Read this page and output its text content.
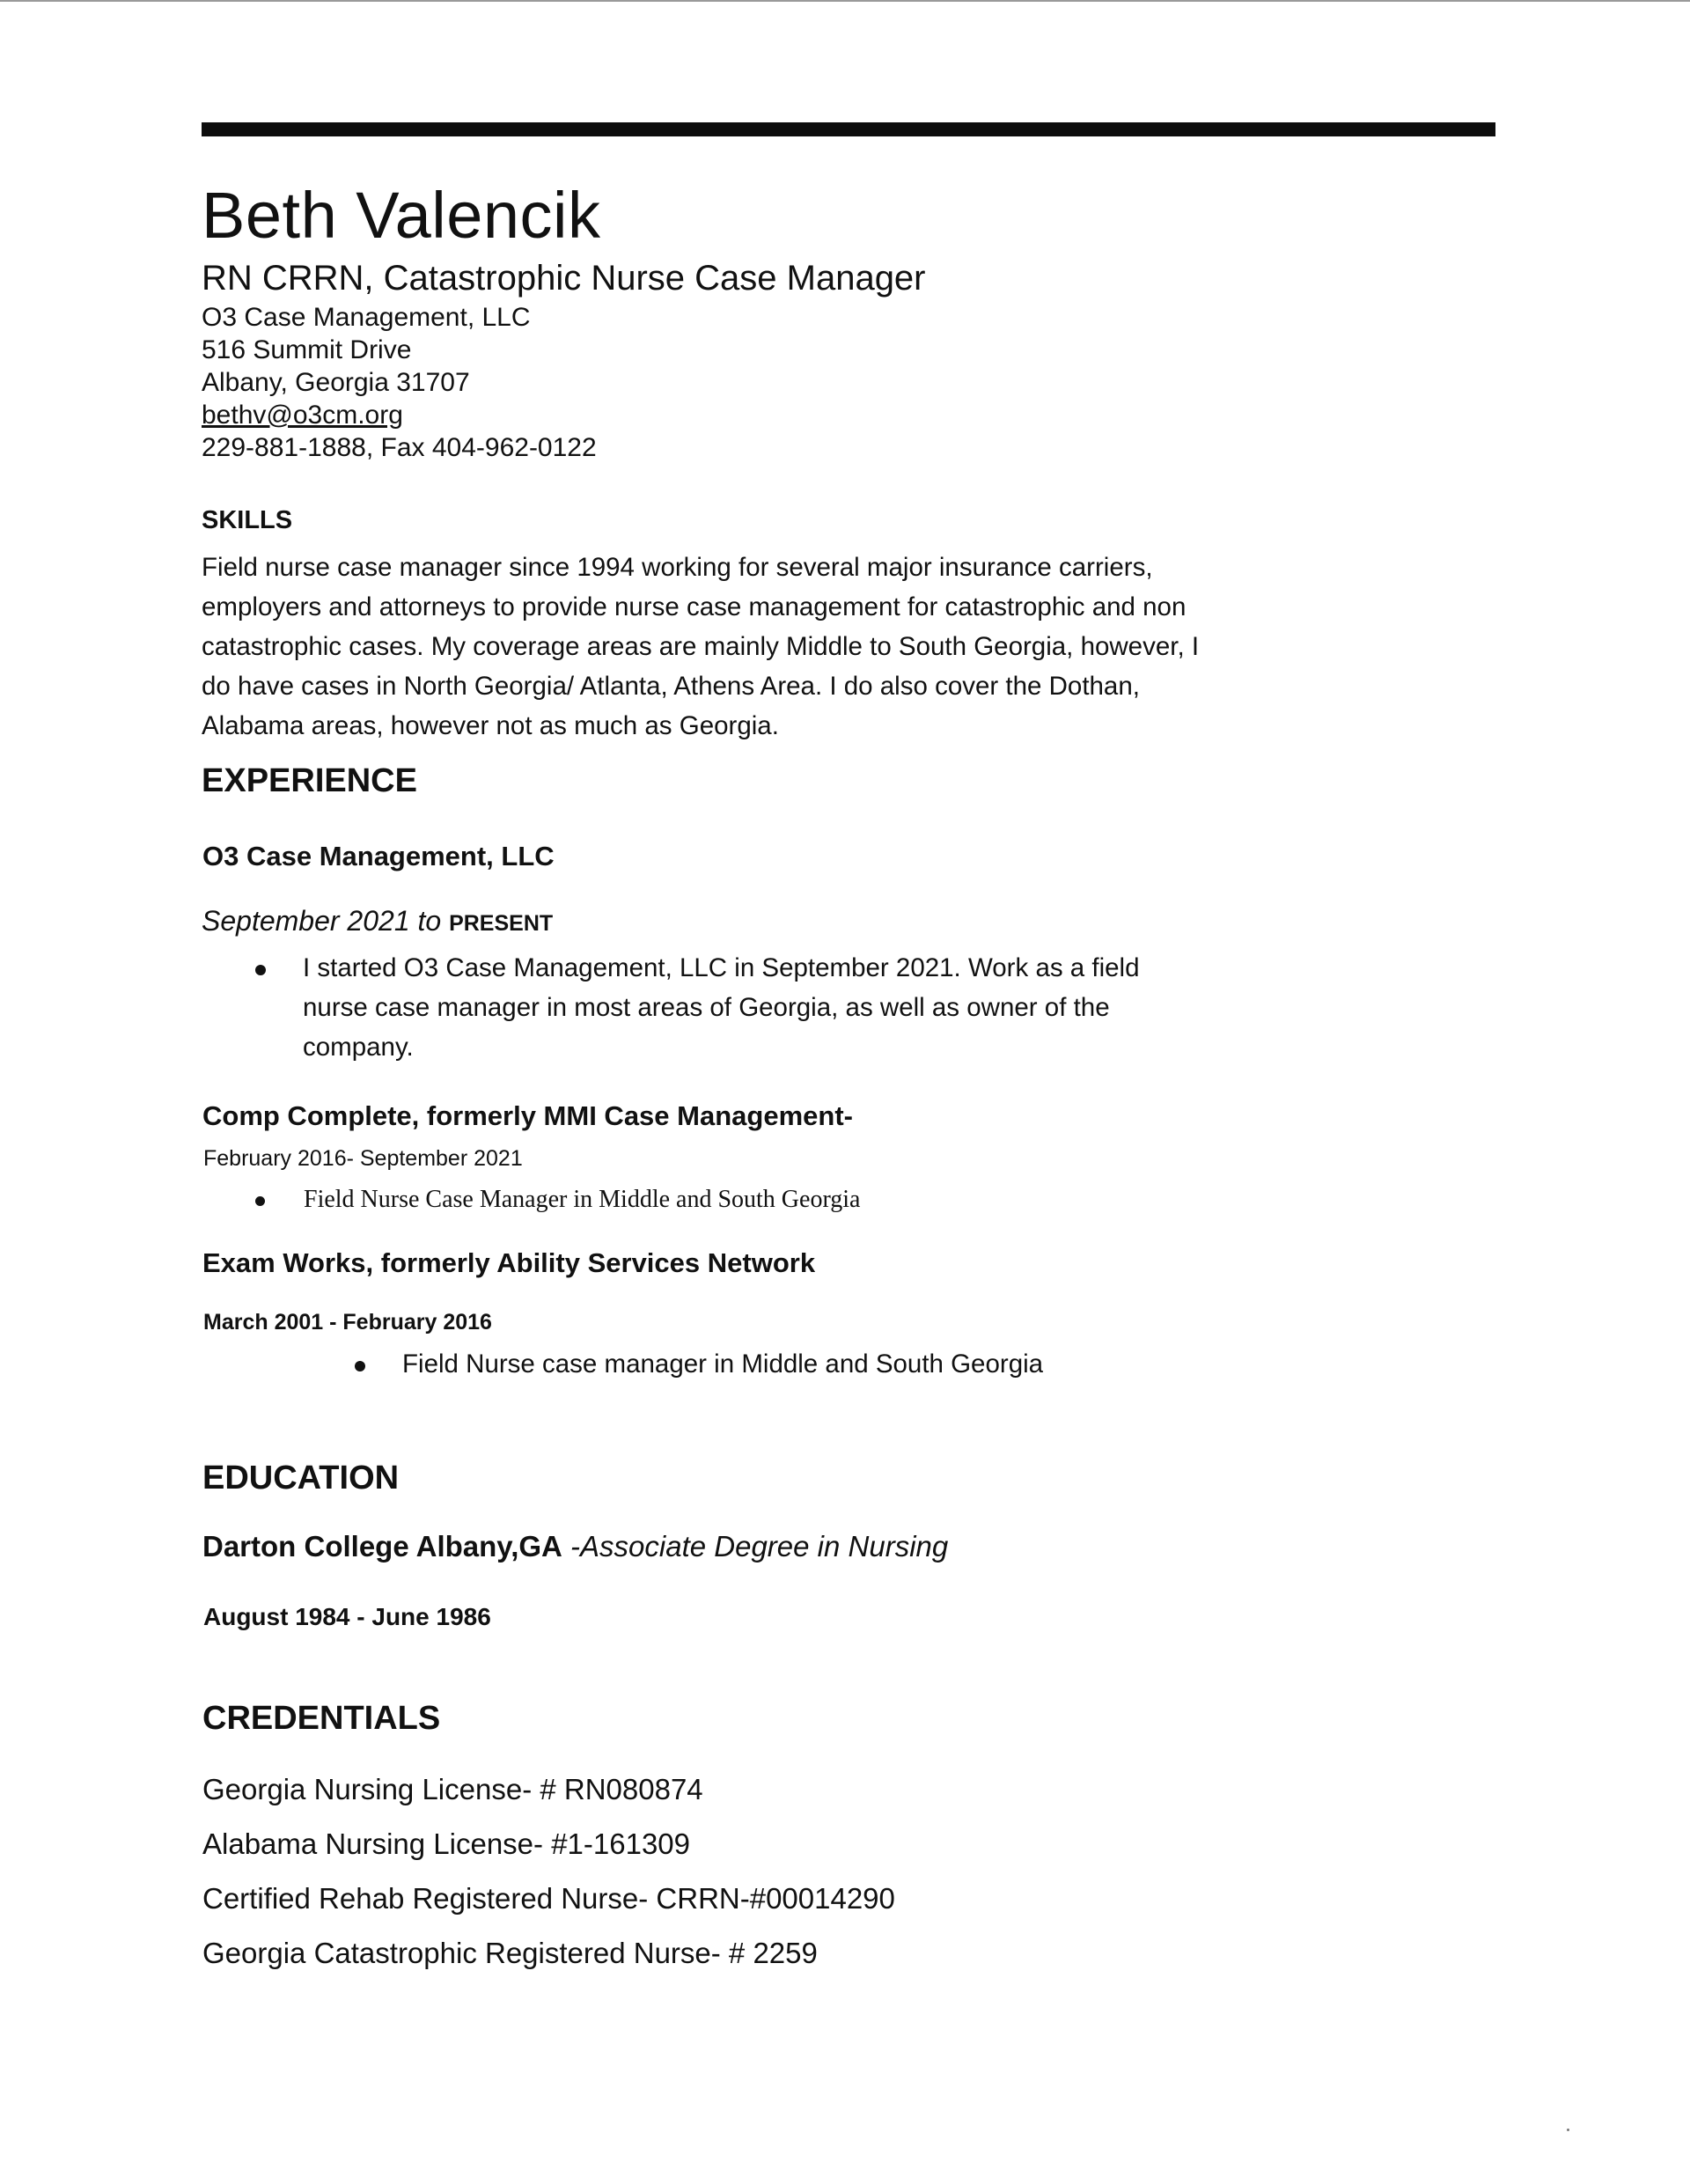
Beth Valencik
RN CRRN, Catastrophic Nurse Case Manager
O3 Case Management, LLC
516 Summit Drive
Albany, Georgia 31707
bethv@o3cm.org
229-881-1888, Fax 404-962-0122
SKILLS
Field nurse case manager since 1994 working for several major insurance carriers,
employers and attorneys to provide nurse case management for catastrophic and non
catastrophic cases. My coverage areas are mainly Middle to South Georgia, however, I
do have cases in North Georgia/ Atlanta, Athens Area. I do also cover the Dothan,
Alabama areas, however not as much as Georgia.
EXPERIENCE
O3 Case Management, LLC
September 2021 to PRESENT
I started O3 Case Management, LLC in September 2021. Work as a field
nurse case manager in most areas of Georgia, as well as owner of the
company.
Comp Complete, formerly MMI Case Management-
February 2016- September 2021
Field Nurse Case Manager in Middle and South Georgia
Exam Works, formerly Ability Services Network
March 2001 - February 2016
Field Nurse case manager in Middle and South Georgia
EDUCATION
Darton College Albany,GA -Associate Degree in Nursing
August 1984 - June 1986
CREDENTIALS
Georgia Nursing License- # RN080874
Alabama Nursing License- #1-161309
Certified Rehab Registered Nurse- CRRN-#00014290
Georgia Catastrophic Registered Nurse- # 2259
